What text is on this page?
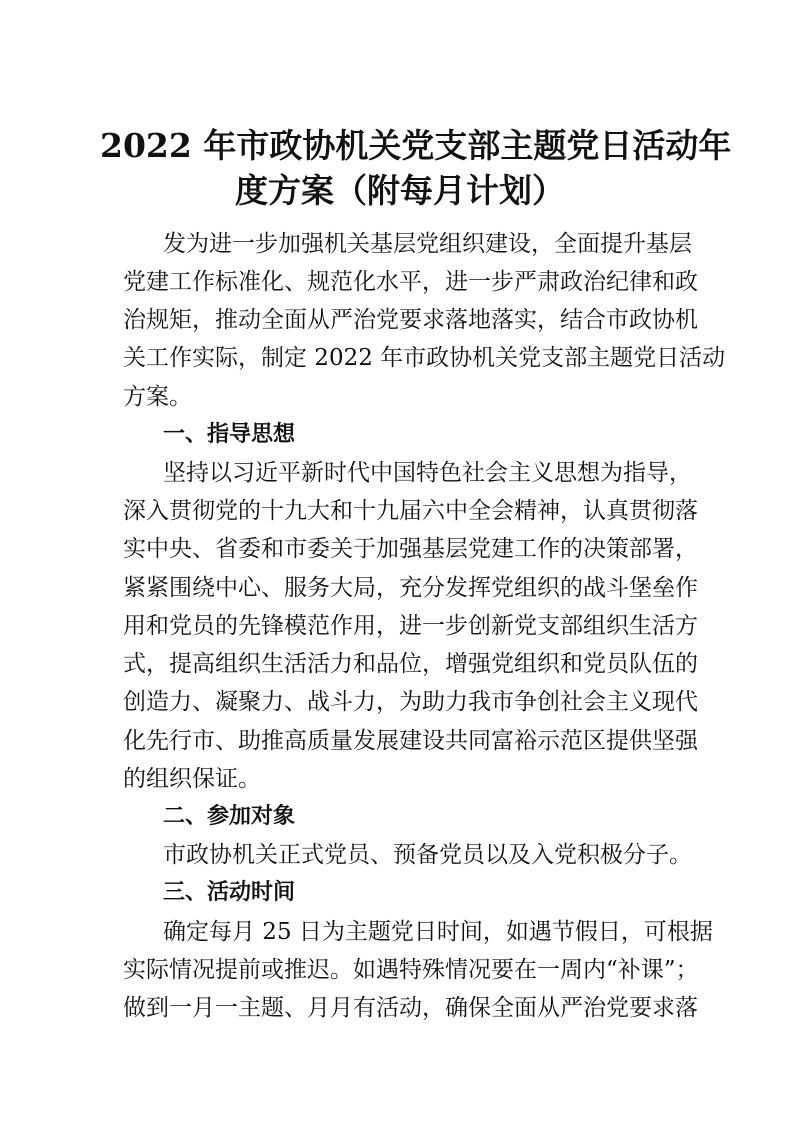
2022 年市政协机关党支部主题党日活动年
度方案（附每月计划）

发为进一步加强机关基层党组织建设，全面提升基层

党建工作标准化、规范化水平，进一步严肃政治纪律和政

治规矩，推动全面从严治党要求落地落实，结合市政协机

关工作实际，制定 2022 年市政协机关党支部主题党日活动

方案。

一、指导思想

坚持以习近平新时代中国特色社会主义思想为指导，

深入贯彻党的十九大和十九届六中全会精神，认真贯彻落

实中央、省委和市委关于加强基层党建工作的决策部署，

紧紧围绕中心、服务大局，充分发挥党组织的战斗堡垒作

用和党员的先锋模范作用，进一步创新党支部组织生活方

式，提高组织生活活力和品位，增强党组织和党员队伍的

创造力、凝聚力、战斗力，为助力我市争创社会主义现代

化先行市、助推高质量发展建设共同富裕示范区提供坚强

的组织保证。

二、参加对象

市政协机关正式党员、预备党员以及入党积极分子。

三、活动时间

确定每月 25 日为主题党日时间，如遇节假日，可根据

实际情况提前或推迟。如遇特殊情况要在一周内“补课”；

做到一月一主题、月月有活动，确保全面从严治党要求落
